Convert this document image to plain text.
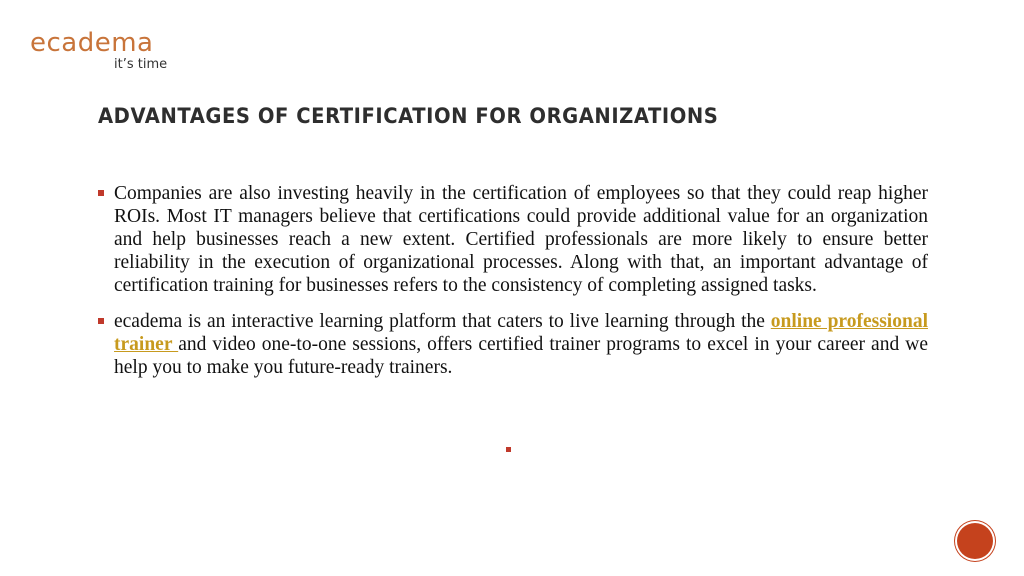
ecadema
it’s time
ADVANTAGES OF CERTIFICATION FOR ORGANIZATIONS
Companies are also investing heavily in the certification of employees so that they could reap higher ROIs. Most IT managers believe that certifications could provide additional value for an organization and help businesses reach a new extent. Certified professionals are more likely to ensure better reliability in the execution of organizational processes. Along with that, an important advantage of certification training for businesses refers to the consistency of completing assigned tasks.
ecadema is an interactive learning platform that caters to live learning through the online professional trainer and video one-to-one sessions, offers certified trainer programs to excel in your career and we help you to make you future-ready trainers.
